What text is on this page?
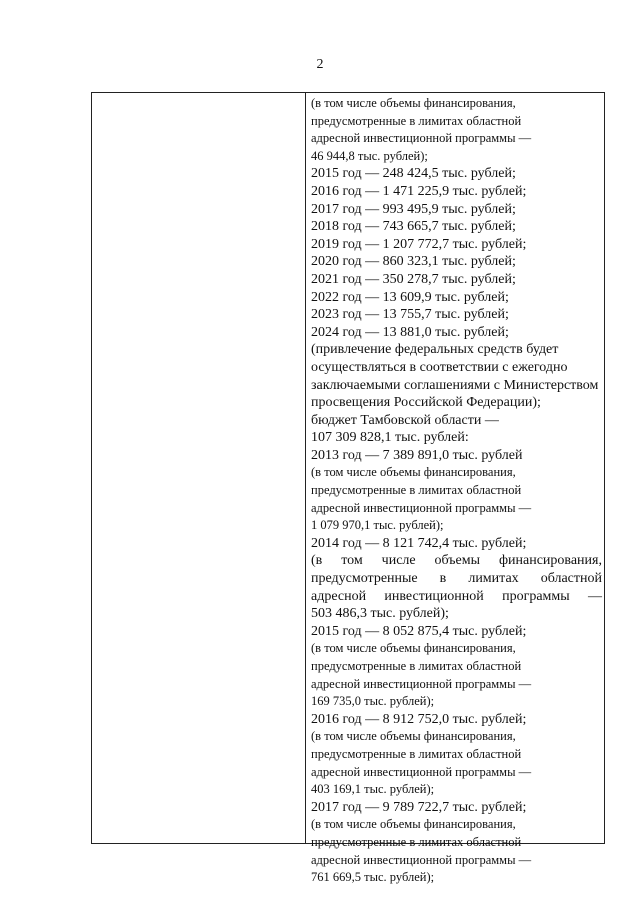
2

(в том числе объемы финансирования,

предусмотренные в лимитах областной

адресной инвестиционной программы —

46 944,8 тыс. рублей);

2015 год — 248 424,5 тыс. рублей;

2016 год — 1 471 225,9 тыс. рублей;

2017 год — 993 495,9 тыс. рублей;

2018 год — 743 665,7 тыс. рублей;

2019 год — 1 207 772,7 тыс. рублей;

2020 год — 860 323,1 тыс. рублей;

2021 год — 350 278,7 тыс. рублей;

2022 год — 13 609,9 тыс. рублей;

2023 год — 13 755,7 тыс. рублей;

2024 год — 13 881,0 тыс. рублей;

(привлечение федеральных средств будет

осуществляться в соответствии с ежегодно

заключаемыми соглашениями с Министерством

просвещения Российской Федерации);

бюджет Тамбовской области —

107 309 828,1 тыс. рублей:

2013 год — 7 389 891,0 тыс. рублей

(в том числе объемы финансирования,

предусмотренные в лимитах областной

адресной инвестиционной программы —

1 079 970,1 тыс. рублей);

2014 год — 8 121 742,4 тыс. рублей;

(в том числе объемы финансирования,

предусмотренные в лимитах областной

адресной инвестиционной программы —

503 486,3 тыс. рублей);

2015 год — 8 052 875,4 тыс. рублей;

(в том числе объемы финансирования,

предусмотренные в лимитах областной

адресной инвестиционной программы —

169 735,0 тыс. рублей);

2016 год — 8 912 752,0 тыс. рублей;

(в том числе объемы финансирования,

предусмотренные в лимитах областной

адресной инвестиционной программы —

403 169,1 тыс. рублей);

2017 год — 9 789 722,7 тыс. рублей;

(в том числе объемы финансирования,

предусмотренные в лимитах областной

адресной инвестиционной программы —

761 669,5 тыс. рублей);
